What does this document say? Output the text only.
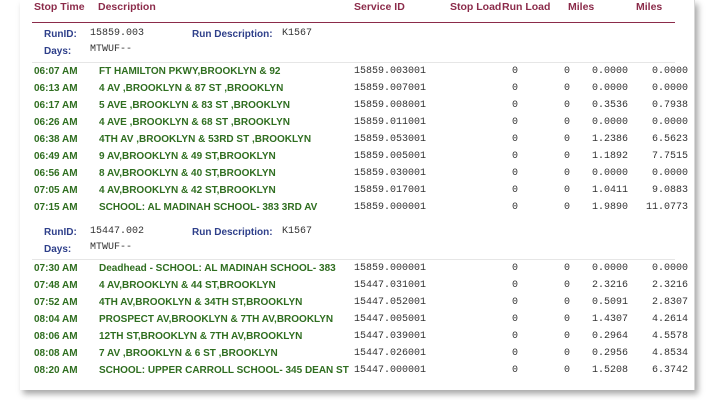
Stop Time Description	Service ID	Stop Load Run Load Miles	Miles
RunID: 15859.003	Run Description: K1567
Days: MTWUF--
06:07 AM FT HAMILTON PKWY,BROOKLYN & 92	15859.003001	0	0 0.0000 0.0000
06:13 AM 4 AV ,BROOKLYN & 87 ST ,BROOKLYN	15859.007001	0	0 0.0000 0.0000
06:17 AM 5 AVE ,BROOKLYN & 83 ST ,BROOKLYN	15859.008001	0	0 0.3536 0.7938
06:26 AM 4 AVE ,BROOKLYN & 68 ST ,BROOKLYN	15859.011001	0	0 0.0000 0.0000
06:38 AM 4TH AV ,BROOKLYN & 53RD ST ,BROOKLYN	15859.053001	0	0 1.2386 6.5623
06:49 AM 9 AV,BROOKLYN & 49 ST,BROOKLYN	15859.005001	0	0 1.1892 7.7515
06:56 AM 8 AV,BROOKLYN & 40 ST,BROOKLYN	15859.030001	0	0 0.0000 0.0000
07:05 AM 4 AV,BROOKLYN & 42 ST,BROOKLYN	15859.017001	0	0 1.0411 9.0883
07:15 AM SCHOOL: AL MADINAH SCHOOL- 383 3RD AV	15859.000001	0	0 1.9890 11.0773
RunID: 15447.002	Run Description: K1567
Days: MTWUF--
07:30 AM Deadhead - SCHOOL: AL MADINAH SCHOOL- 383 15859.000001	0	0 0.0000 0.0000
07:48 AM 4 AV,BROOKLYN & 44 ST,BROOKLYN	15447.031001	0	0 2.3216 2.3216
07:52 AM 4TH AV,BROOKLYN & 34TH ST,BROOKLYN	15447.052001	0	0 0.5091 2.8307
08:04 AM PROSPECT AV,BROOKLYN & 7TH AV,BROOKLYN 15447.005001	0	0 1.4307 4.2614
08:06 AM 12TH ST,BROOKLYN & 7TH AV,BROOKLYN	15447.039001	0	0 0.2964 4.5578
08:08 AM 7 AV ,BROOKLYN & 6 ST ,BROOKLYN	15447.026001	0	0 0.2956 4.8534
08:20 AM SCHOOL: UPPER CARROLL SCHOOL- 345 DEAN ST 15447.000001	0	0 1.5208 6.3742
